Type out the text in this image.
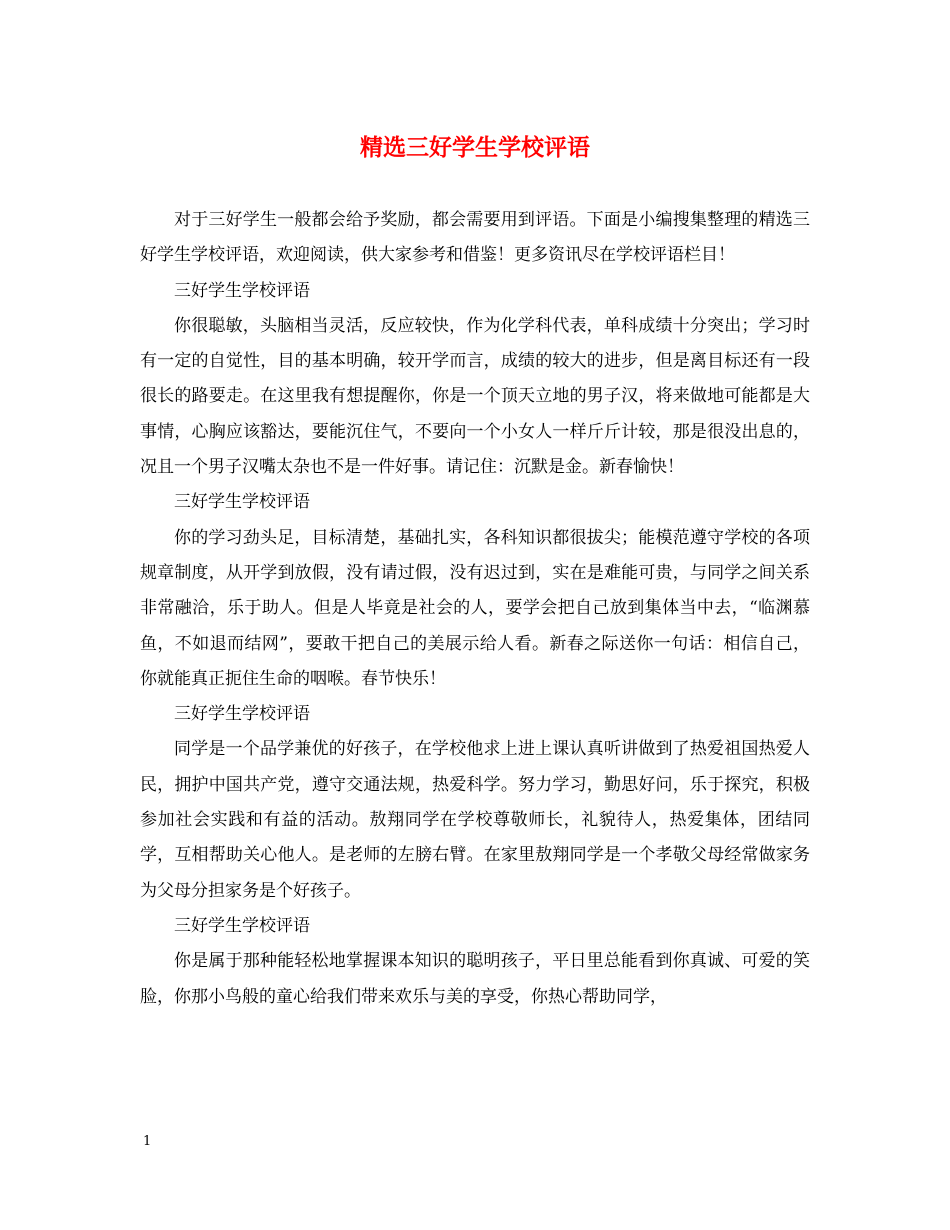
精选三好学生学校评语

对于三好学生一般都会给予奖励，都会需要用到评语。下面是小编搜集整理的精选三好学生学校评语，欢迎阅读，供大家参考和借鉴！更多资讯尽在学校评语栏目！

三好学生学校评语

你很聪敏，头脑相当灵活，反应较快，作为化学科代表，单科成绩十分突出；学习时有一定的自觉性，目的基本明确，较开学而言，成绩的较大的进步，但是离目标还有一段很长的路要走。在这里我有想提醒你，你是一个顶天立地的男子汉，将来做地可能都是大事情，心胸应该豁达，要能沉住气，不要向一个小女人一样斤斤计较，那是很没出息的，况且一个男子汉嘴太杂也不是一件好事。请记住：沉默是金。新春愉快！

三好学生学校评语

你的学习劲头足，目标清楚，基础扎实，各科知识都很拔尖；能模范遵守学校的各项规章制度，从开学到放假，没有请过假，没有迟过到，实在是难能可贵，与同学之间关系非常融洽，乐于助人。但是人毕竟是社会的人，要学会把自己放到集体当中去，“临渊慕鱼，不如退而结网”，要敢干把自己的美展示给人看。新春之际送你一句话：相信自己，你就能真正扼住生命的咽喉。春节快乐！

三好学生学校评语

同学是一个品学兼优的好孩子，在学校他求上进上课认真听讲做到了热爱祖国热爱人民，拥护中国共产党，遵守交通法规，热爱科学。努力学习，勤思好问，乐于探究，积极参加社会实践和有益的活动。敖翔同学在学校尊敬师长，礼貌待人，热爱集体，团结同学，互相帮助关心他人。是老师的左膀右臂。在家里敖翔同学是一个孝敬父母经常做家务为父母分担家务是个好孩子。

三好学生学校评语

你是属于那种能轻松地掌握课本知识的聪明孩子，平日里总能看到你真诚、可爱的笑脸，你那小鸟般的童心给我们带来欢乐与美的享受，你热心帮助同学，

1
